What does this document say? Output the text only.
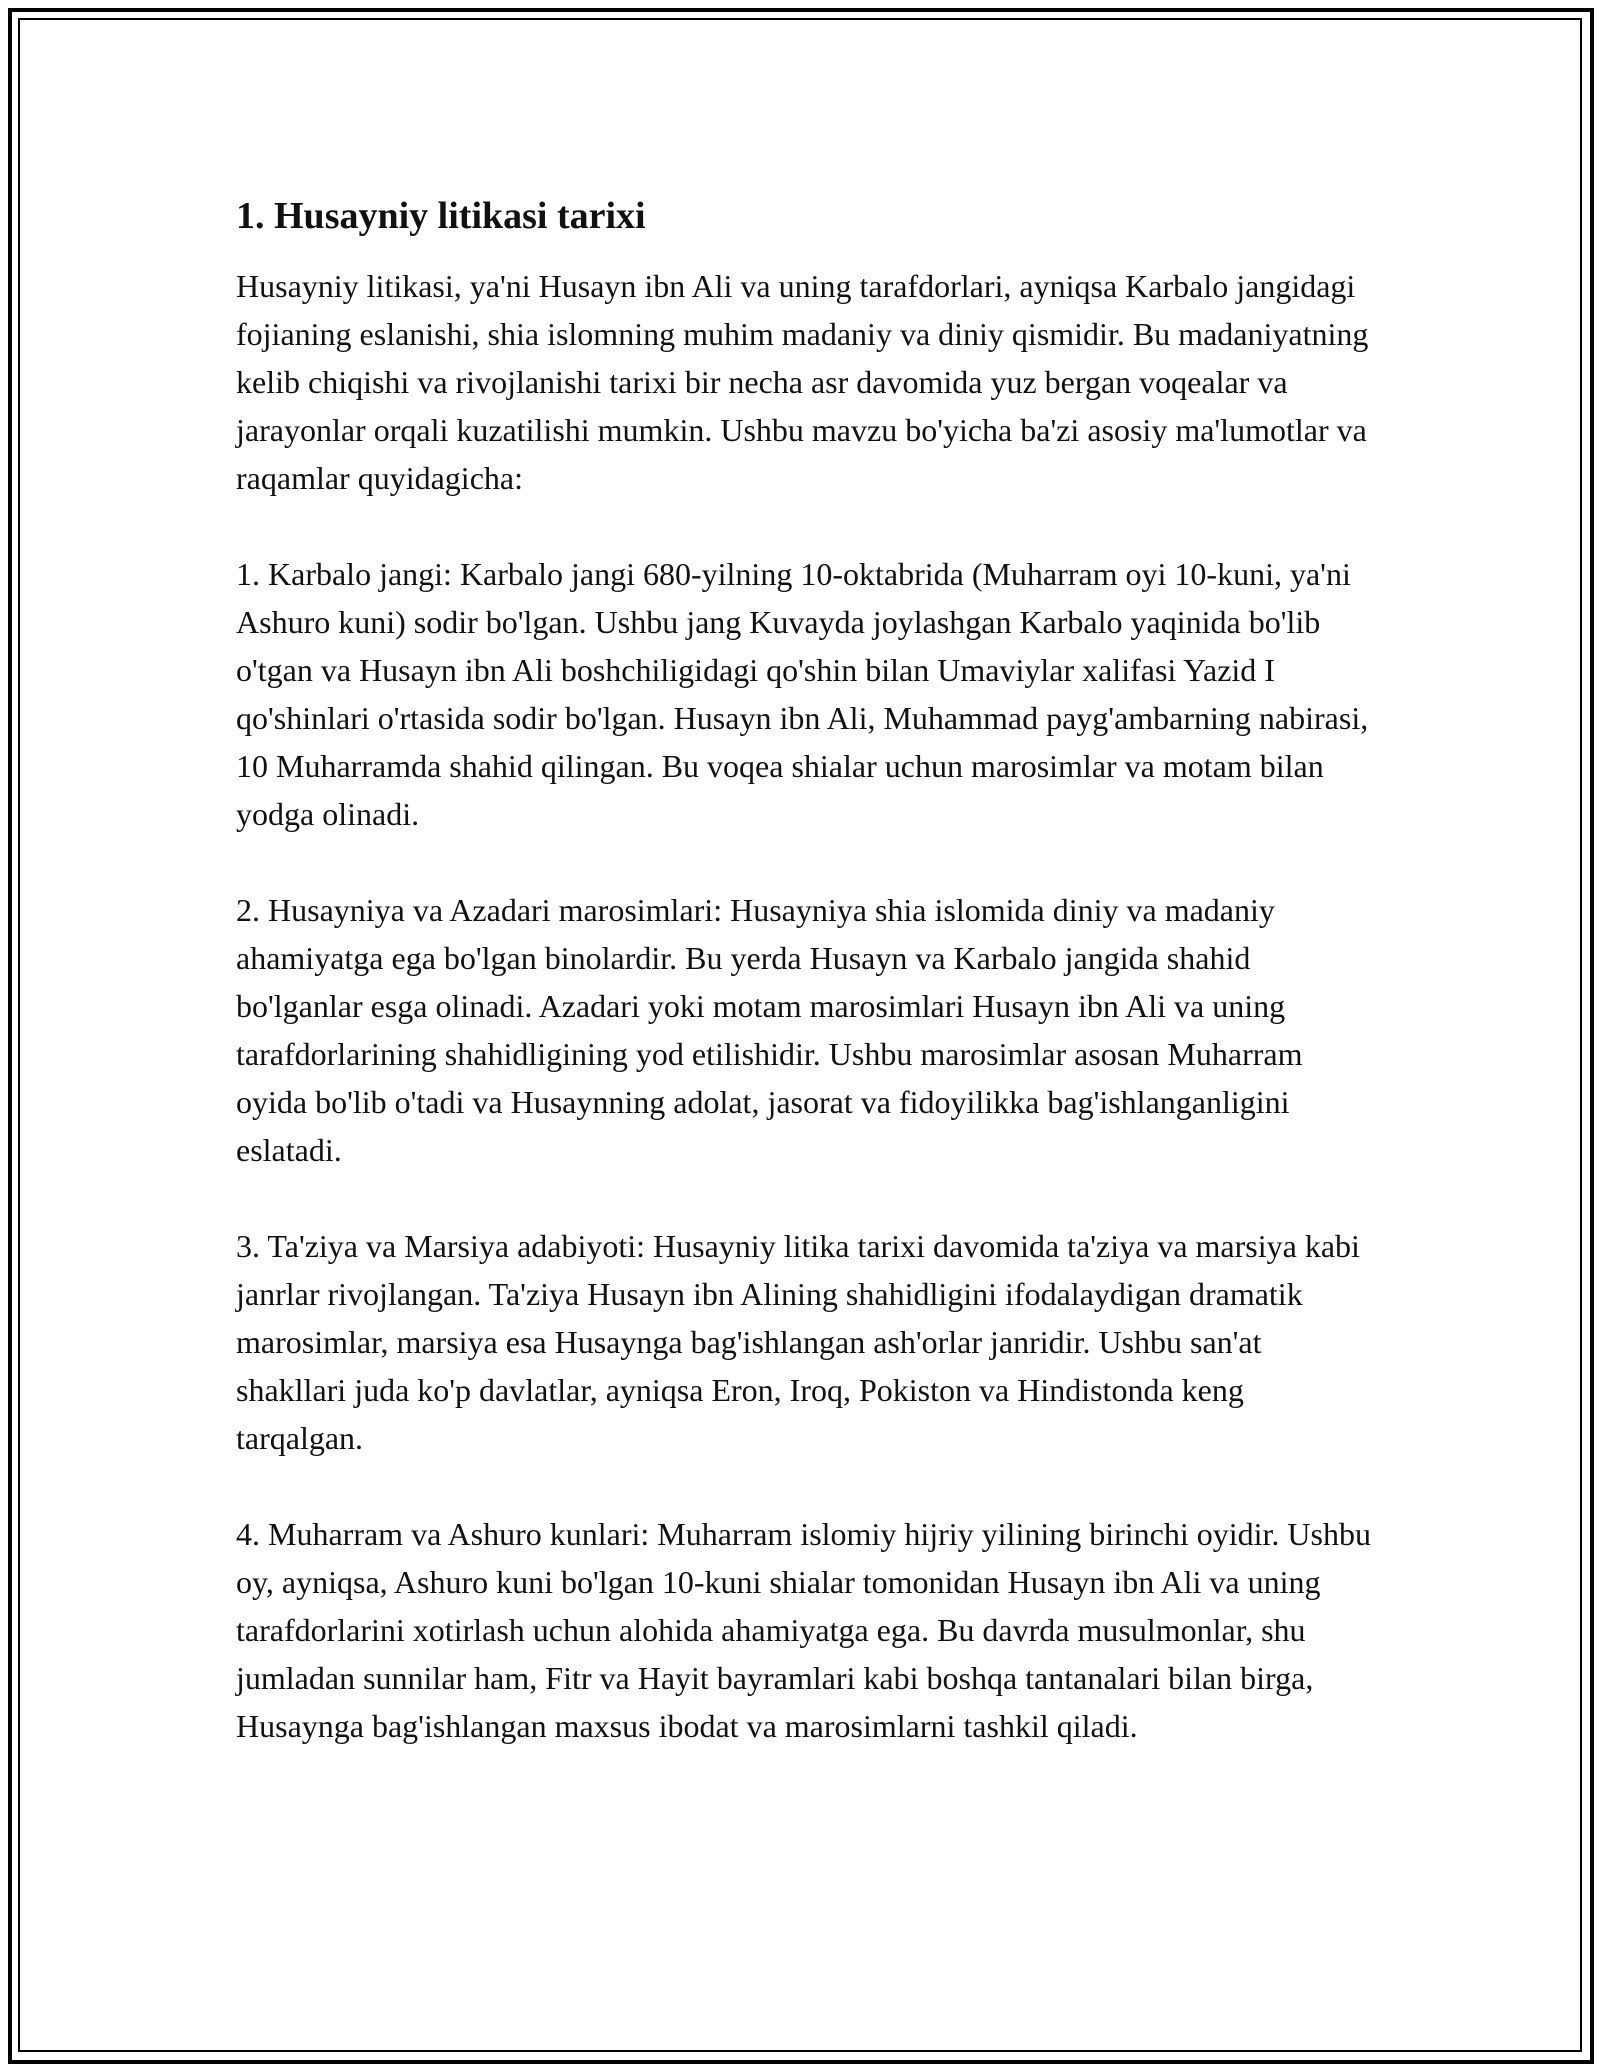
1. Husayniy litikasi tarixi

Husayniy litikasi, ya'ni Husayn ibn Ali va uning tarafdorlari, ayniqsa Karbalo jangidagi fojianing eslanishi, shia islomning muhim madaniy va diniy qismidir. Bu madaniyatning kelib chiqishi va rivojlanishi tarixi bir necha asr davomida yuz bergan voqealar va jarayonlar orqali kuzatilishi mumkin. Ushbu mavzu bo'yicha ba'zi asosiy ma'lumotlar va raqamlar quyidagicha:

1. Karbalo jangi: Karbalo jangi 680-yilning 10-oktabrida (Muharram oyi 10-kuni, ya'ni Ashuro kuni) sodir bo'lgan. Ushbu jang Kuvayda joylashgan Karbalo yaqinida bo'lib o'tgan va Husayn ibn Ali boshchiligidagi qo'shin bilan Umaviylar xalifasi Yazid I qo'shinlari o'rtasida sodir bo'lgan. Husayn ibn Ali, Muhammad payg'ambarning nabirasi, 10 Muharramda shahid qilingan. Bu voqea shialar uchun marosimlar va motam bilan yodga olinadi.

2. Husayniya va Azadari marosimlari: Husayniya shia islomida diniy va madaniy ahamiyatga ega bo'lgan binolardir. Bu yerda Husayn va Karbalo jangida shahid bo'lganlar esga olinadi. Azadari yoki motam marosimlari Husayn ibn Ali va uning tarafdorlarining shahidligining yod etilishidir. Ushbu marosimlar asosan Muharram oyida bo'lib o'tadi va Husaynning adolat, jasorat va fidoyilikka bag'ishlanganligini eslatadi.

3. Ta'ziya va Marsiya adabiyoti: Husayniy litika tarixi davomida ta'ziya va marsiya kabi janrlar rivojlangan. Ta'ziya Husayn ibn Alining shahidligini ifodalaydigan dramatik marosimlar, marsiya esa Husaynga bag'ishlangan ash'orlar janridir. Ushbu san'at shakllari juda ko'p davlatlar, ayniqsa Eron, Iroq, Pokiston va Hindistonda keng tarqalgan.

4. Muharram va Ashuro kunlari: Muharram islomiy hijriy yilining birinchi oyidir. Ushbu oy, ayniqsa, Ashuro kuni bo'lgan 10-kuni shialar tomonidan Husayn ibn Ali va uning tarafdorlarini xotirlash uchun alohida ahamiyatga ega. Bu davrda musulmonlar, shu jumladan sunnilar ham, Fitr va Hayit bayramlari kabi boshqa tantanalari bilan birga, Husaynga bag'ishlangan maxsus ibodat va marosimlarni tashkil qiladi.
